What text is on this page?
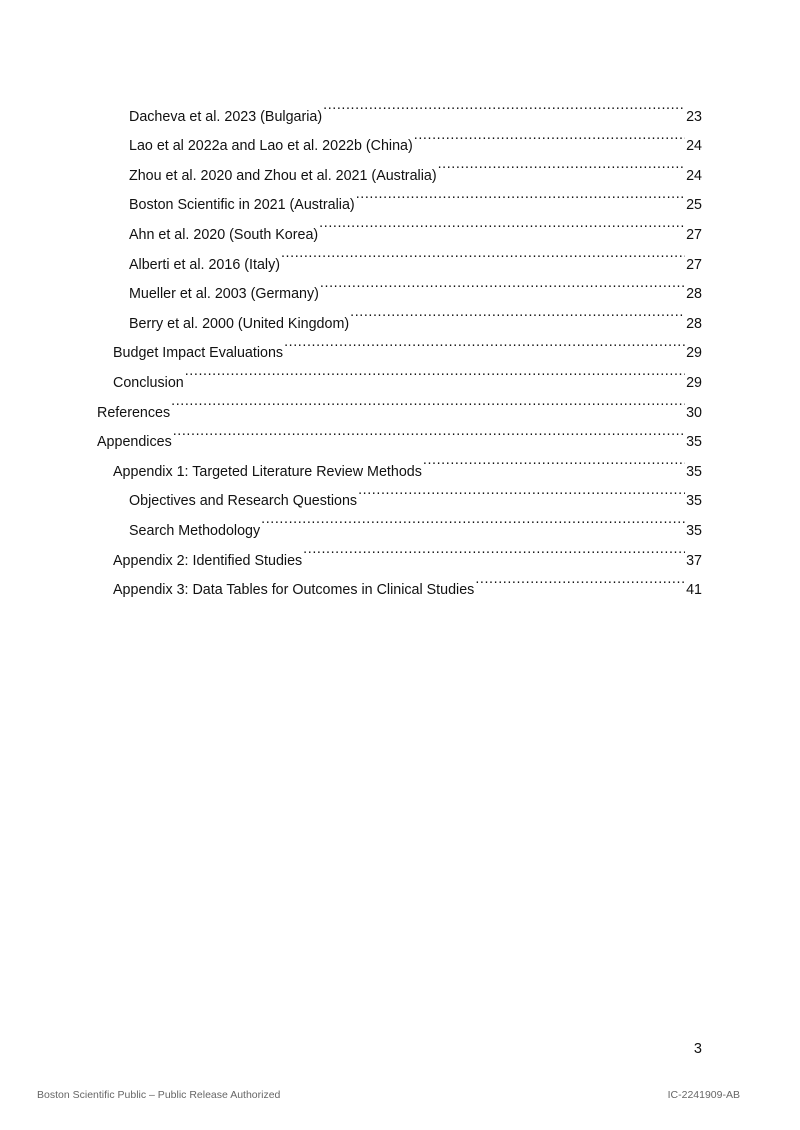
Dacheva et al. 2023 (Bulgaria) .....	23
Lao et al 2022a and Lao et al. 2022b (China) .....	24
Zhou et al. 2020 and Zhou et al. 2021 (Australia) .....	24
Boston Scientific in 2021 (Australia) .....	25
Ahn et al. 2020 (South Korea) .....	27
Alberti et al. 2016 (Italy) .....	27
Mueller et al. 2003 (Germany) .....	28
Berry et al. 2000 (United Kingdom) .....	28
Budget Impact Evaluations .....	29
Conclusion .....	29
References .....	30
Appendices .....	35
Appendix 1: Targeted Literature Review Methods .....	35
Objectives and Research Questions .....	35
Search Methodology .....	35
Appendix 2: Identified Studies .....	37
Appendix 3: Data Tables for Outcomes in Clinical Studies .....	41
3
Boston Scientific Public – Public Release Authorized	IC-2241909-AB
